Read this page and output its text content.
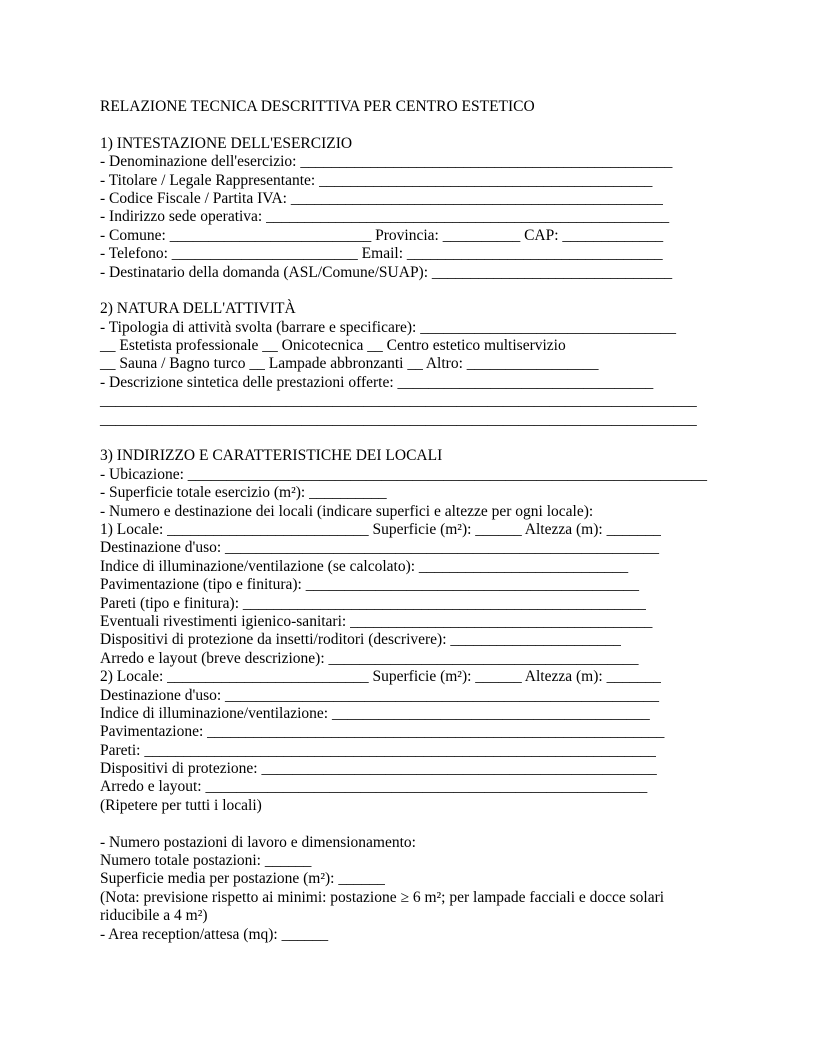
RELAZIONE TECNICA DESCRITTIVA PER CENTRO ESTETICO
1) INTESTAZIONE DELL'ESERCIZIO
- Denominazione dell'esercizio: ________________________________________________
- Titolare / Legale Rappresentante: ___________________________________________
- Codice Fiscale / Partita IVA: ________________________________________________
- Indirizzo sede operativa: ____________________________________________________
- Comune: __________________________ Provincia: __________ CAP: _____________
- Telefono: ________________________ Email: _________________________________
- Destinatario della domanda (ASL/Comune/SUAP): _______________________________
2) NATURA DELL'ATTIVITÀ
- Tipologia di attività svolta (barrare e specificare): _________________________________
__ Estetista professionale __ Onicotecnica __ Centro estetico multiservizio
__ Sauna / Bagno turco __ Lampade abbronzanti __ Altro: _________________
- Descrizione sintetica delle prestazioni offerte: _________________________________
_____________________________________________________________________________
_____________________________________________________________________________
3) INDIRIZZO E CARATTERISTICHE DEI LOCALI
- Ubicazione: ___________________________________________________________________
- Superficie totale esercizio (m²): __________
- Numero e destinazione dei locali (indicare superfici e altezze per ogni locale):
1) Locale: __________________________ Superficie (m²): ______ Altezza (m): _______
Destinazione d'uso: ________________________________________________________
Indice di illuminazione/ventilazione (se calcolato): ___________________________
Pavimentazione (tipo e finitura): ___________________________________________
Pareti (tipo e finitura): ____________________________________________________
Eventuali rivestimenti igienico-sanitari: _______________________________________
Dispositivi di protezione da insetti/roditori (descrivere): ______________________
Arredo e layout (breve descrizione): ________________________________________
2) Locale: __________________________ Superficie (m²): ______ Altezza (m): _______
Destinazione d'uso: ________________________________________________________
Indice di illuminazione/ventilazione: _________________________________________
Pavimentazione: ___________________________________________________________
Pareti: __________________________________________________________________
Dispositivi di protezione: ___________________________________________________
Arredo e layout: _________________________________________________________
(Ripetere per tutti i locali)
- Numero postazioni di lavoro e dimensionamento:
Numero totale postazioni: ______
Superficie media per postazione (m²): ______
(Nota: previsione rispetto ai minimi: postazione ≥ 6 m²; per lampade facciali e docce solari
riducibile a 4 m²)
- Area reception/attesa (mq): ______
